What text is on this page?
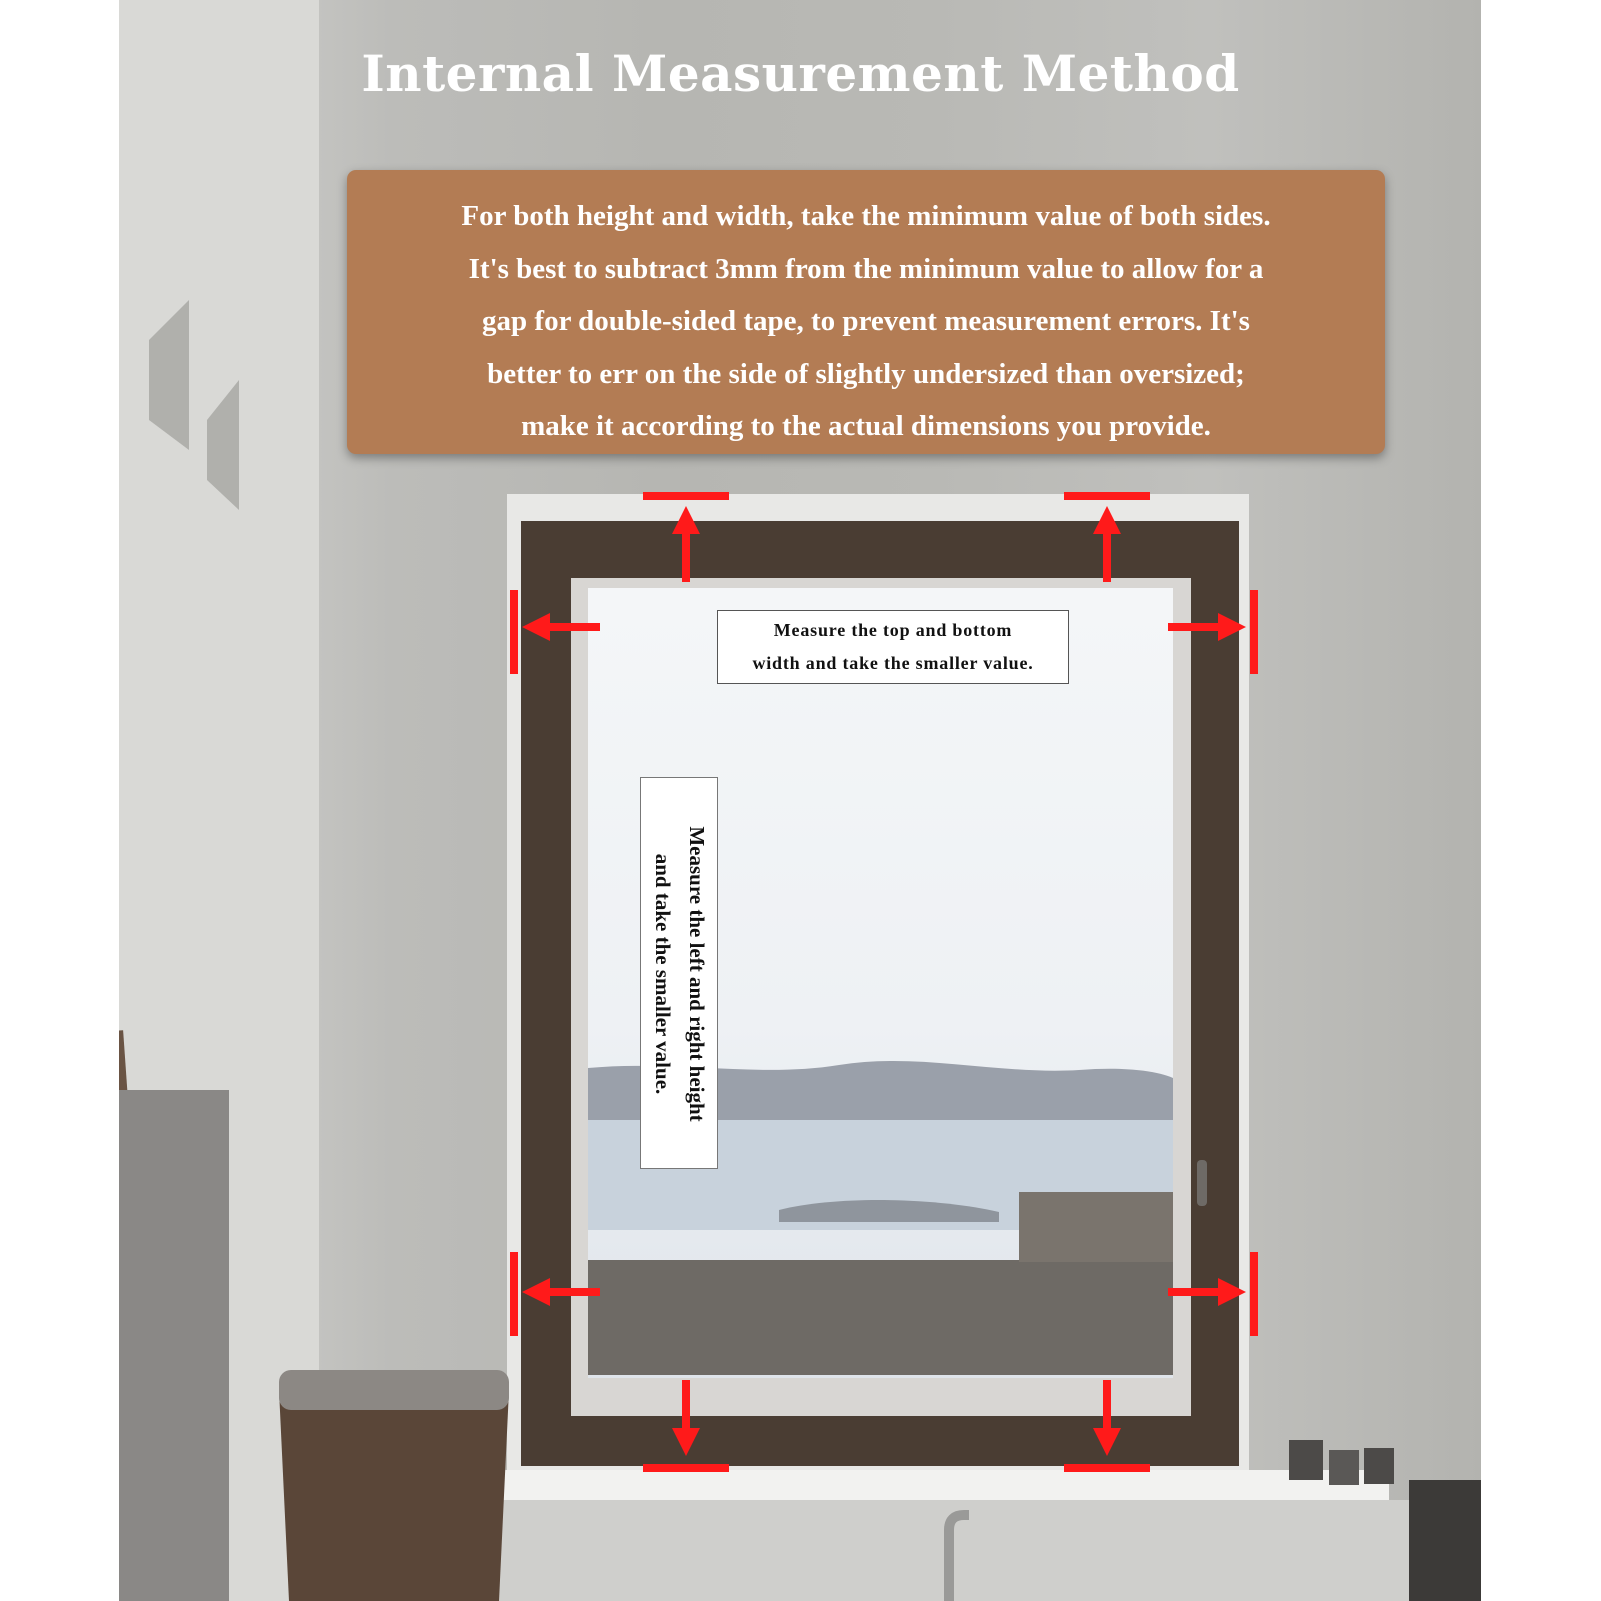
Internal Measurement Method
For both height and width, take the minimum value of both sides.
It's best to subtract 3mm from the minimum value to allow for a
gap for double-sided tape, to prevent measurement errors. It's
better to err on the side of slightly undersized than oversized;
make it according to the actual dimensions you provide.
Measure the top and bottom
width and take the smaller value.
Measure the left and right height
and take the smaller value.
